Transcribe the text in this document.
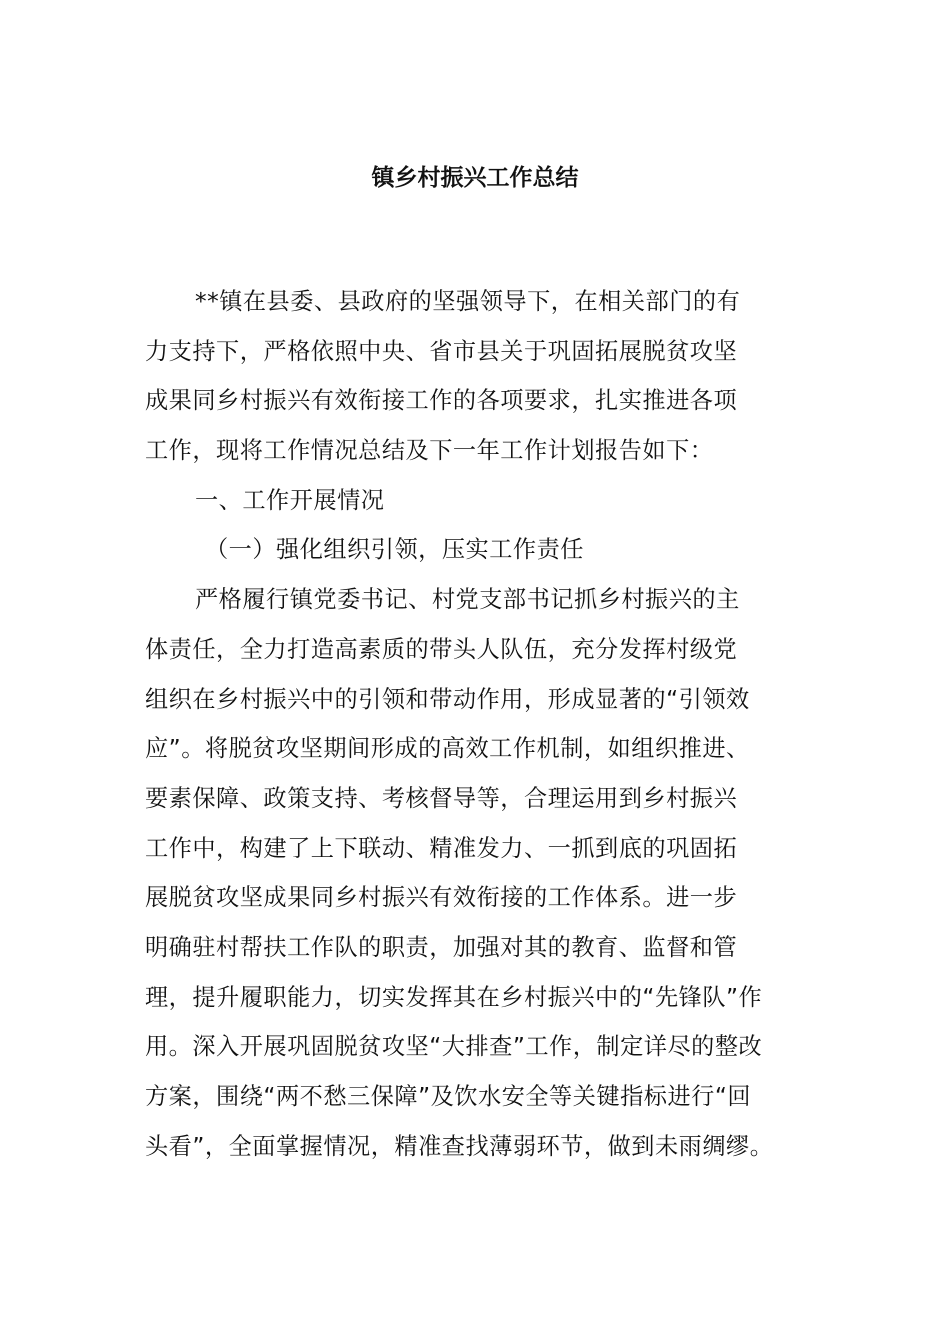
镇乡村振兴工作总结
**镇在县委、县政府的坚强领导下，在相关部门的有
力支持下，严格依照中央、省市县关于巩固拓展脱贫攻坚
成果同乡村振兴有效衔接工作的各项要求，扎实推进各项
工作，现将工作情况总结及下一年工作计划报告如下：
一、工作开展情况
（一）强化组织引领，压实工作责任
严格履行镇党委书记、村党支部书记抓乡村振兴的主
体责任，全力打造高素质的带头人队伍，充分发挥村级党
组织在乡村振兴中的引领和带动作用，形成显著的“引领效
应”。将脱贫攻坚期间形成的高效工作机制，如组织推进、
要素保障、政策支持、考核督导等，合理运用到乡村振兴
工作中，构建了上下联动、精准发力、一抓到底的巩固拓
展脱贫攻坚成果同乡村振兴有效衔接的工作体系。进一步
明确驻村帮扶工作队的职责，加强对其的教育、监督和管
理，提升履职能力，切实发挥其在乡村振兴中的“先锋队”作
用。深入开展巩固脱贫攻坚“大排查”工作，制定详尽的整改
方案，围绕“两不愁三保障”及饮水安全等关键指标进行“回
头看”，全面掌握情况，精准查找薄弱环节，做到未雨绸缪。
